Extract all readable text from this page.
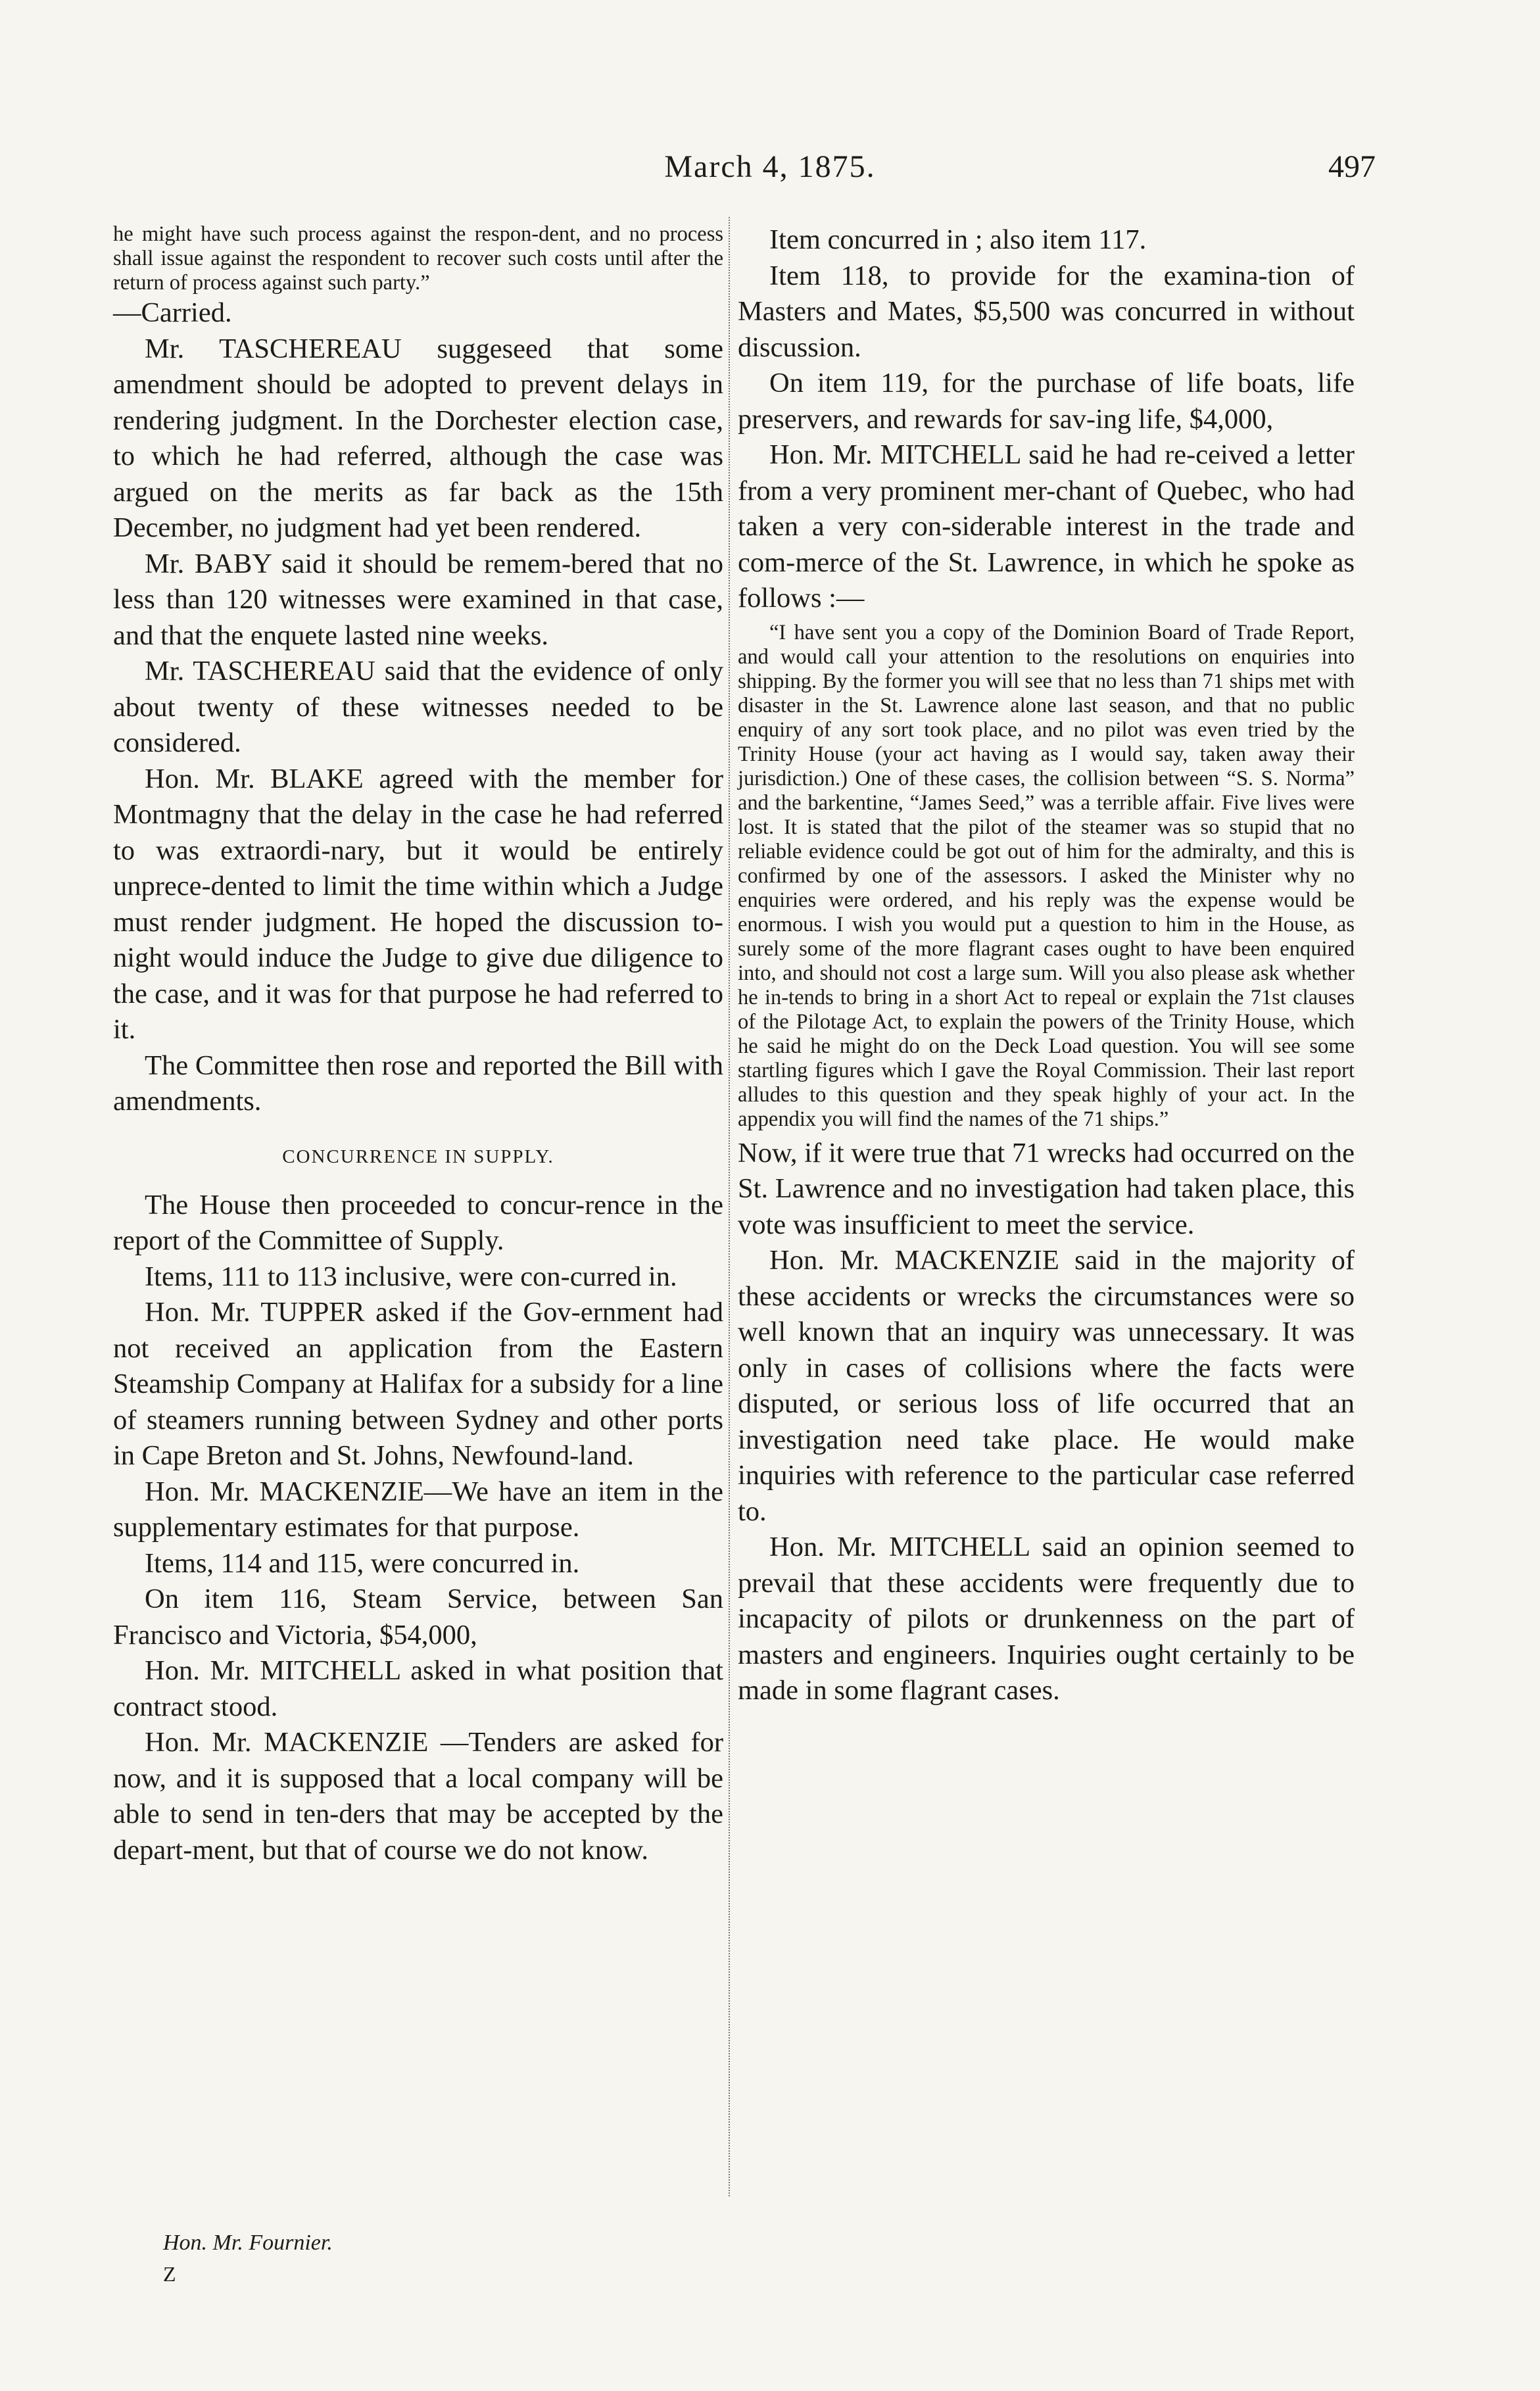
March 4, 1875.	497

he might have such process against the respon-dent, and no process shall issue against the respondent to recover such costs until after the return of process against such party.”

—Carried.

Mr. TASCHEREAU suggeseed that some amendment should be adopted to prevent delays in rendering judgment. In the Dorchester election case, to which he had referred, although the case was argued on the merits as far back as the 15th December, no judgment had yet been rendered.

Mr. BABY said it should be remem-bered that no less than 120 witnesses were examined in that case, and that the enquete lasted nine weeks.

Mr. TASCHEREAU said that the evidence of only about twenty of these witnesses needed to be considered.

Hon. Mr. BLAKE agreed with the member for Montmagny that the delay in the case he had referred to was extraordi-nary, but it would be entirely unprece-dented to limit the time within which a Judge must render judgment. He hoped the discussion to-night would induce the Judge to give due diligence to the case, and it was for that purpose he had referred to it.

The Committee then rose and reported the Bill with amendments.

CONCURRENCE IN SUPPLY.

The House then proceeded to concur-rence in the report of the Committee of Supply.

Items, 111 to 113 inclusive, were con-curred in.

Hon. Mr. TUPPER asked if the Gov-ernment had not received an application from the Eastern Steamship Company at Halifax for a subsidy for a line of steamers running between Sydney and other ports in Cape Breton and St. Johns, Newfound-land.

Hon. Mr. MACKENZIE—We have an item in the supplementary estimates for that purpose.

Items, 114 and 115, were concurred in.

On item 116, Steam Service, between San Francisco and Victoria, $54,000,

Hon. Mr. MITCHELL asked in what position that contract stood.

Hon. Mr. MACKENZIE —Tenders are asked for now, and it is supposed that a local company will be able to send in ten-ders that may be accepted by the depart-ment, but that of course we do not know.

Item concurred in ; also item 117.

Item 118, to provide for the examina-tion of Masters and Mates, $5,500 was concurred in without discussion.

On item 119, for the purchase of life boats, life preservers, and rewards for sav-ing life, $4,000,

Hon. Mr. MITCHELL said he had re-ceived a letter from a very prominent mer-chant of Quebec, who had taken a very con-siderable interest in the trade and com-merce of the St. Lawrence, in which he spoke as follows :—

“I have sent you a copy of the Dominion Board of Trade Report, and would call your attention to the resolutions on enquiries into shipping. By the former you will see that no less than 71 ships met with disaster in the St. Lawrence alone last season, and that no public enquiry of any sort took place, and no pilot was even tried by the Trinity House (your act having as I would say, taken away their jurisdiction.) One of these cases, the collision between “S. S. Norma” and the barkentine, “James Seed,” was a terrible affair. Five lives were lost. It is stated that the pilot of the steamer was so stupid that no reliable evidence could be got out of him for the admiralty, and this is confirmed by one of the assessors. I asked the Minister why no enquiries were ordered, and his reply was the expense would be enormous. I wish you would put a question to him in the House, as surely some of the more flagrant cases ought to have been enquired into, and should not cost a large sum. Will you also please ask whether he in-tends to bring in a short Act to repeal or explain the 71st clauses of the Pilotage Act, to explain the powers of the Trinity House, which he said he might do on the Deck Load question. You will see some startling figures which I gave the Royal Commission. Their last report alludes to this question and they speak highly of your act. In the appendix you will find the names of the 71 ships.”

Now, if it were true that 71 wrecks had occurred on the St. Lawrence and no investigation had taken place, this vote was insufficient to meet the service.

Hon. Mr. MACKENZIE said in the majority of these accidents or wrecks the circumstances were so well known that an inquiry was unnecessary. It was only in cases of collisions where the facts were disputed, or serious loss of life occurred that an investigation need take place. He would make inquiries with reference to the particular case referred to.

Hon. Mr. MITCHELL said an opinion seemed to prevail that these accidents were frequently due to incapacity of pilots or drunkenness on the part of masters and engineers. Inquiries ought certainly to be made in some flagrant cases.

Hon. Mr. Fournier.
Z
